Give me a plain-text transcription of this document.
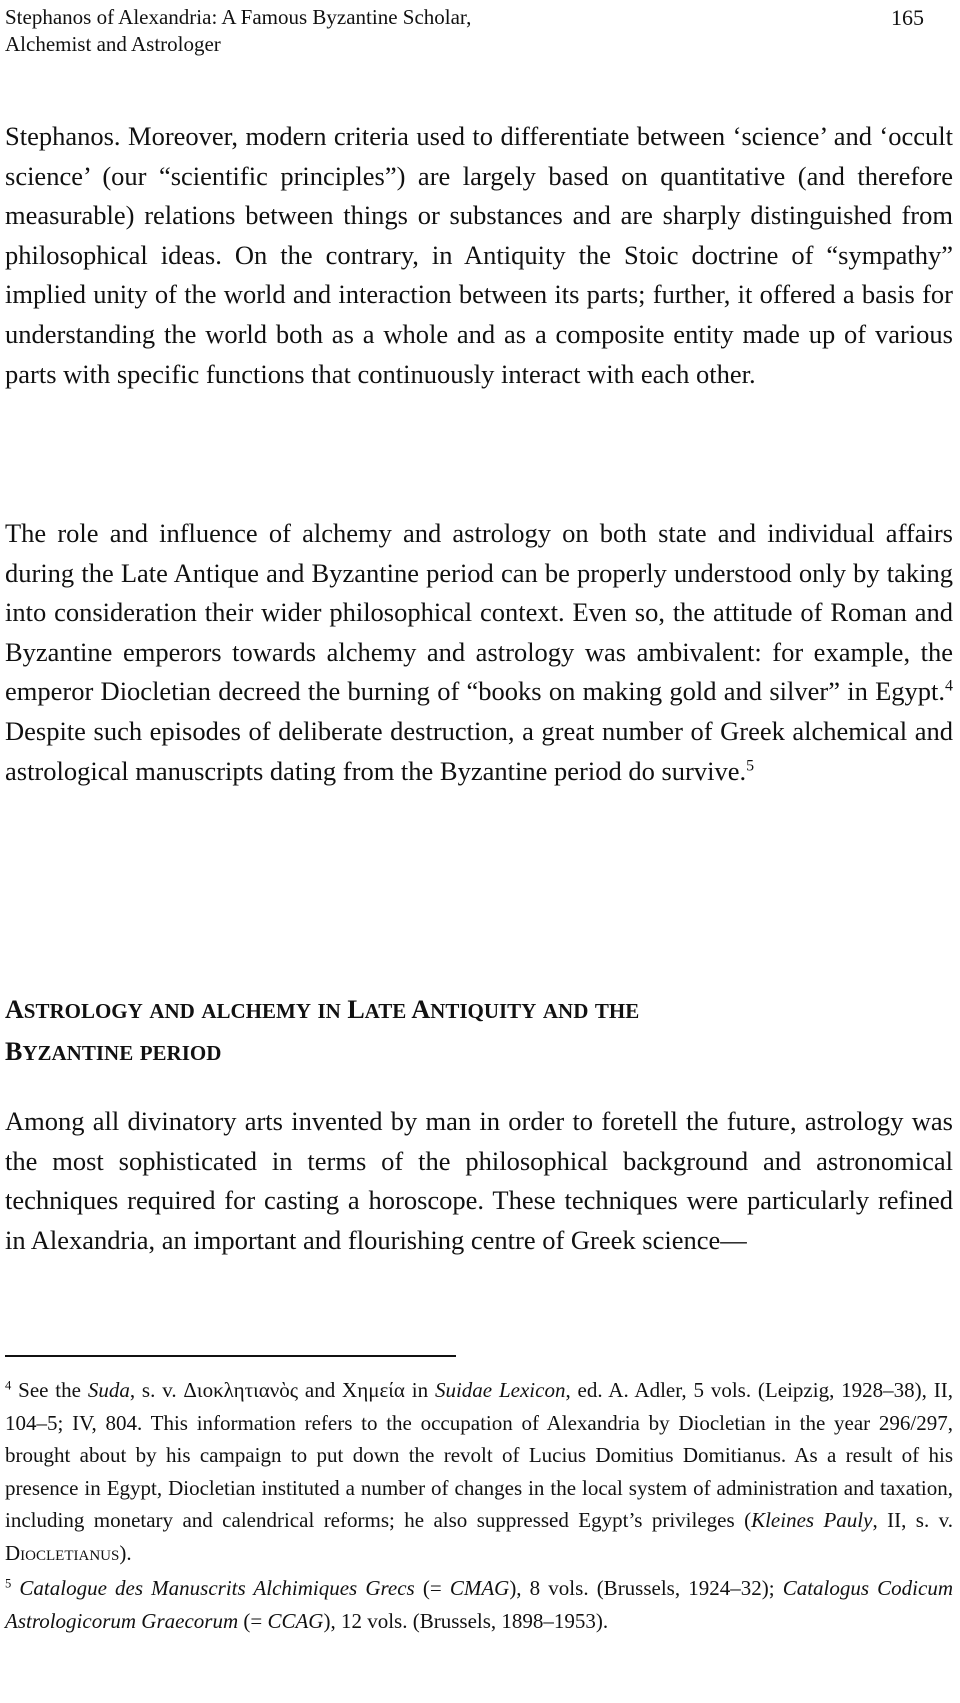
Stephanos of Alexandria: A Famous Byzantine Scholar,
Alchemist and Astrologer
165

Stephanos. Moreover, modern criteria used to differentiate between ‘science’ and ‘occult science’ (our “scientific principles”) are largely based on quantitative (and therefore measurable) relations between things or substances and are sharply distinguished from philosophical ideas. On the contrary, in Antiquity the Stoic doctrine of “sympathy” implied unity of the world and interaction between its parts; further, it offered a basis for understanding the world both as a whole and as a composite entity made up of various parts with specific functions that continuously interact with each other.

The role and influence of alchemy and astrology on both state and individual affairs during the Late Antique and Byzantine period can be properly understood only by taking into consideration their wider philosophical context. Even so, the attitude of Roman and Byzantine emperors towards alchemy and astrology was ambivalent: for example, the emperor Diocletian decreed the burning of “books on making gold and silver” in Egypt.$^4$ Despite such episodes of deliberate destruction, a great number of Greek alchemical and astrological manuscripts dating from the Byzantine period do survive.$^5$

ASTROLOGY AND ALCHEMY IN LATE ANTIQUITY AND THE
BYZANTINE PERIOD

Among all divinatory arts invented by man in order to foretell the future, astrology was the most sophisticated in terms of the philosophical background and astronomical techniques required for casting a horoscope. These techniques were particularly refined in Alexandria, an important and flourishing centre of Greek science—

$^4$ See the Suda, s. v. Διοκλητιανὸς and Χημεία in Suidae Lexicon, ed. A. Adler, 5 vols. (Leipzig, 1928–38), II, 104–5; IV, 804. This information refers to the occupation of Alexandria by Diocletian in the year 296/297, brought about by his campaign to put down the revolt of Lucius Domitius Domitianus. As a result of his presence in Egypt, Diocletian instituted a number of changes in the local system of administration and taxation, including monetary and calendrical reforms; he also suppressed Egypt’s privileges (Kleines Pauly, II, s. v. DIOCLETIANUS).

$^5$ Catalogue des Manuscrits Alchimiques Grecs (= CMAG), 8 vols. (Brussels, 1924–32); Catalogus Codicum Astrologicorum Graecorum (= CCAG), 12 vols. (Brussels, 1898–1953).
